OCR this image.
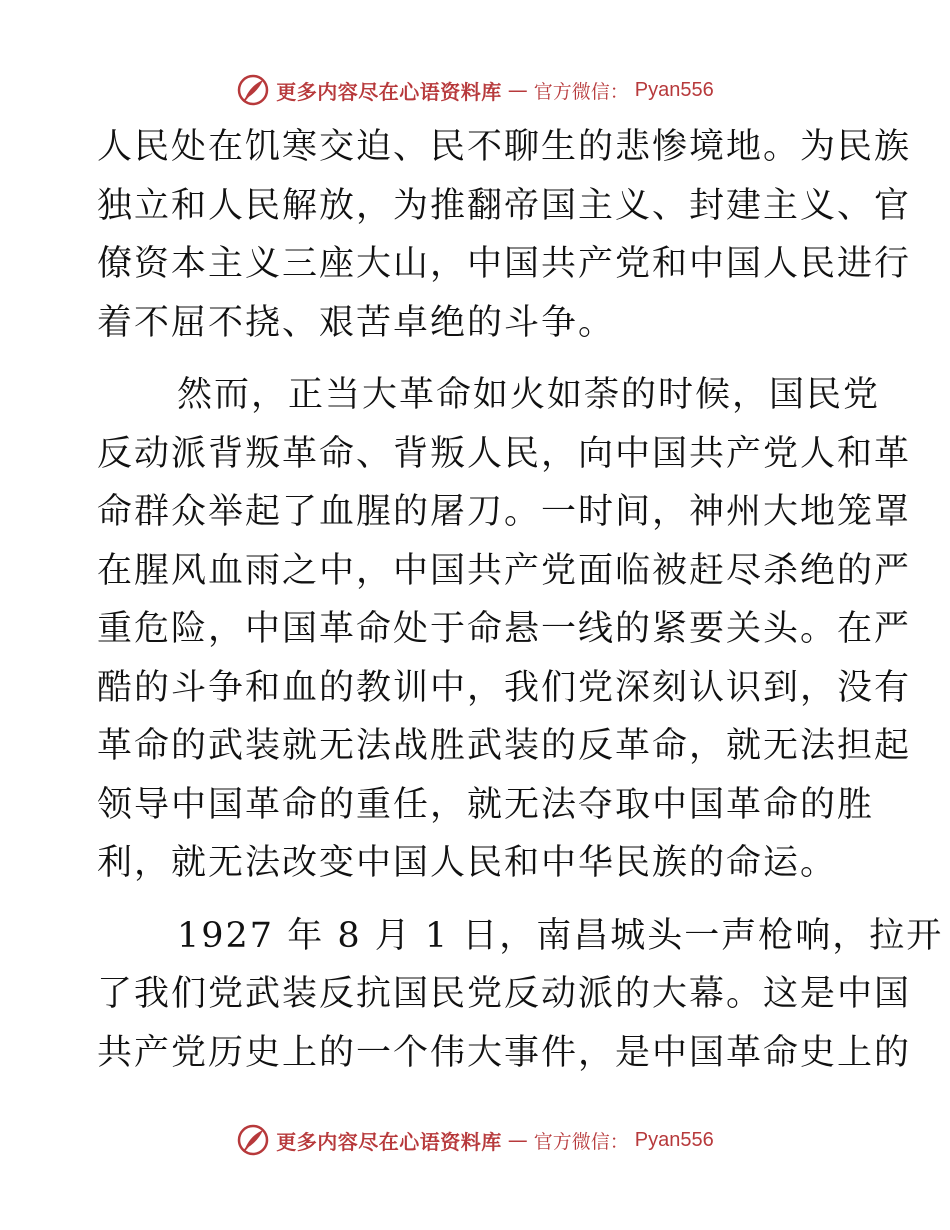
更多内容尽在心语资料库 — 官方微信： Pyan556
人民处在饥寒交迫、民不聊生的悲惨境地。为民族
独立和人民解放，为推翻帝国主义、封建主义、官
僚资本主义三座大山，中国共产党和中国人民进行
着不屈不挠、艰苦卓绝的斗争。
然而，正当大革命如火如荼的时候，国民党
反动派背叛革命、背叛人民，向中国共产党人和革
命群众举起了血腥的屠刀。一时间，神州大地笼罩
在腥风血雨之中，中国共产党面临被赶尽杀绝的严
重危险，中国革命处于命悬一线的紧要关头。在严
酷的斗争和血的教训中，我们党深刻认识到，没有
革命的武装就无法战胜武装的反革命，就无法担起
领导中国革命的重任，就无法夺取中国革命的胜
利，就无法改变中国人民和中华民族的命运。
1927 年 8 月 1 日，南昌城头一声枪响，拉开
了我们党武装反抗国民党反动派的大幕。这是中国
共产党历史上的一个伟大事件，是中国革命史上的
更多内容尽在心语资料库 — 官方微信： Pyan556
